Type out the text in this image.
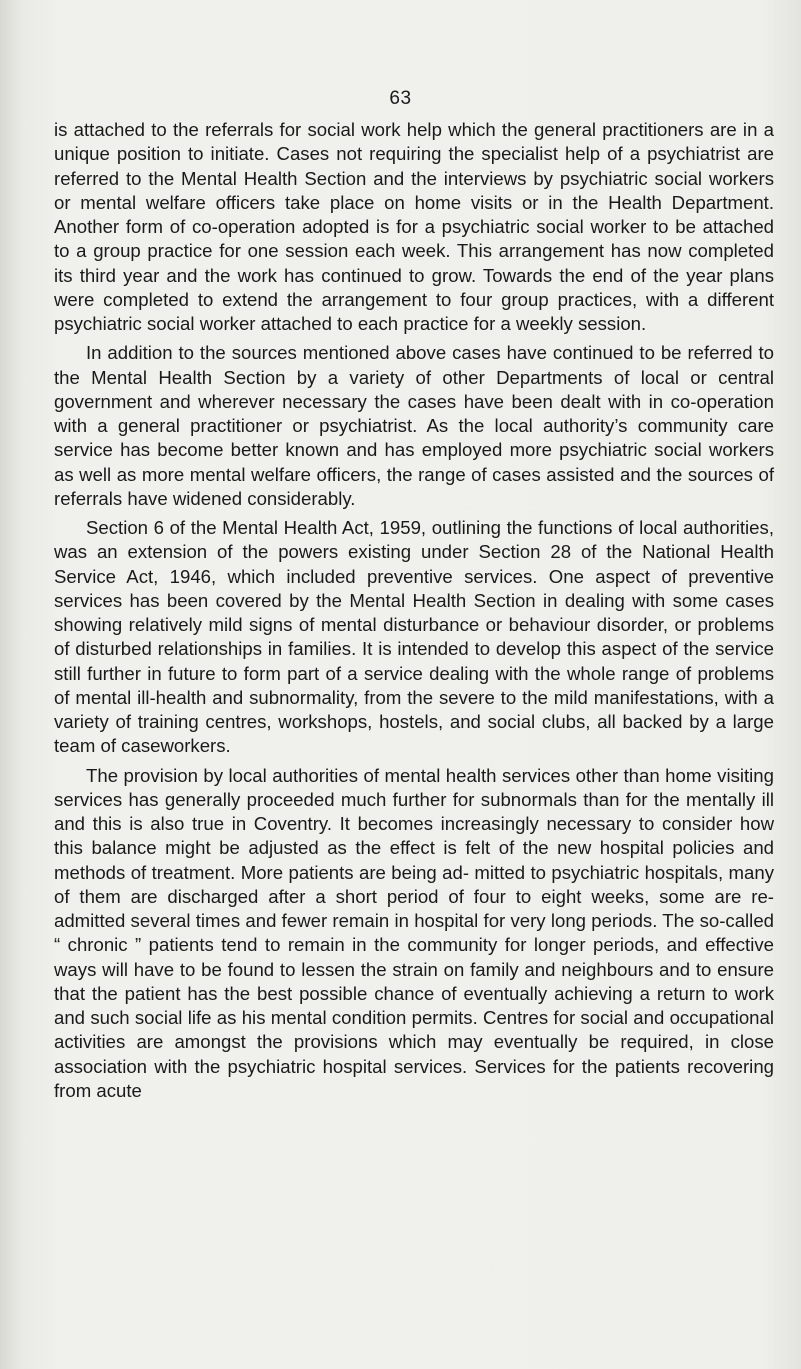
63

is attached to the referrals for social work help which the general practitioners are in a unique position to initiate. Cases not requiring the specialist help of a psychiatrist are referred to the Mental Health Section and the interviews by psychiatric social workers or mental welfare officers take place on home visits or in the Health Department. Another form of co-operation adopted is for a psychiatric social worker to be attached to a group practice for one session each week. This arrangement has now completed its third year and the work has continued to grow. Towards the end of the year plans were completed to extend the arrangement to four group practices, with a different psychiatric social worker attached to each practice for a weekly session.

In addition to the sources mentioned above cases have continued to be referred to the Mental Health Section by a variety of other Departments of local or central government and wherever necessary the cases have been dealt with in co-operation with a general practitioner or psychiatrist. As the local authority’s community care service has become better known and has employed more psychiatric social workers as well as more mental welfare officers, the range of cases assisted and the sources of referrals have widened considerably.

Section 6 of the Mental Health Act, 1959, outlining the functions of local authorities, was an extension of the powers existing under Section 28 of the National Health Service Act, 1946, which included preventive services. One aspect of preventive services has been covered by the Mental Health Section in dealing with some cases showing relatively mild signs of mental disturbance or behaviour disorder, or problems of disturbed relationships in families. It is intended to develop this aspect of the service still further in future to form part of a service dealing with the whole range of problems of mental ill-health and subnormality, from the severe to the mild manifestations, with a variety of training centres, workshops, hostels, and social clubs, all backed by a large team of caseworkers.

The provision by local authorities of mental health services other than home visiting services has generally proceeded much further for subnormals than for the mentally ill and this is also true in Coventry. It becomes increasingly necessary to consider how this balance might be adjusted as the effect is felt of the new hospital policies and methods of treatment. More patients are being ad- mitted to psychiatric hospitals, many of them are discharged after a short period of four to eight weeks, some are re-admitted several times and fewer remain in hospital for very long periods. The so-called “ chronic ” patients tend to remain in the community for longer periods, and effective ways will have to be found to lessen the strain on family and neighbours and to ensure that the patient has the best possible chance of eventually achieving a return to work and such social life as his mental condition permits. Centres for social and occupational activities are amongst the provisions which may eventually be required, in close association with the psychiatric hospital services. Services for the patients recovering from acute
